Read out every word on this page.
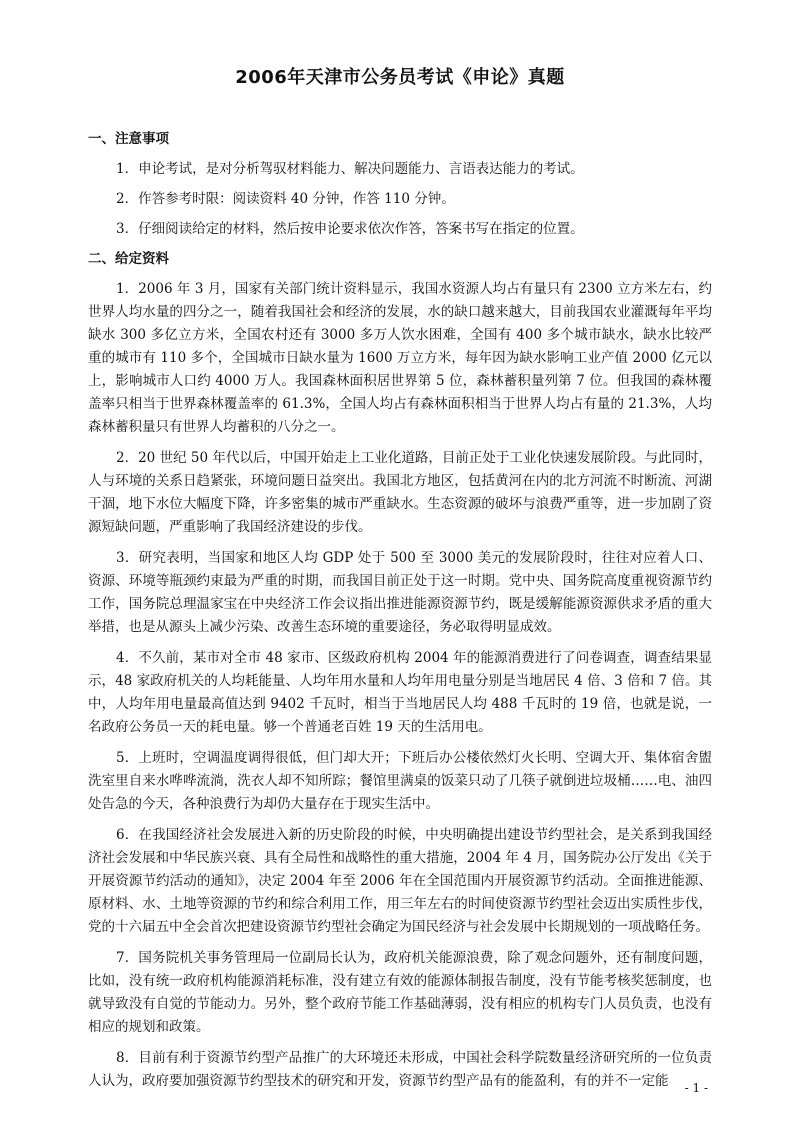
2006年天津市公务员考试《申论》真题
一、注意事项

1．申论考试，是对分析驾驭材料能力、解决问题能力、言语表达能力的考试。

2．作答参考时限：阅读资料 40 分钟，作答 110 分钟。

3．仔细阅读给定的材料，然后按申论要求依次作答，答案书写在指定的位置。

二、给定资料

1．2006 年 3 月，国家有关部门统计资料显示，我国水资源人均占有量只有 2300 立方米左右，约世界人均水量的四分之一，随着我国社会和经济的发展，水的缺口越来越大，目前我国农业灌溉每年平均缺水 300 多亿立方米，全国农村还有 3000 多万人饮水困难，全国有 400 多个城市缺水，缺水比较严重的城市有 110 多个，全国城市日缺水量为 1600 万立方米，每年因为缺水影响工业产值 2000 亿元以上，影响城市人口约 4000 万人。我国森林面积居世界第 5 位，森林蓄积量列第 7 位。但我国的森林覆盖率只相当于世界森林覆盖率的 61.3%，全国人均占有森林面积相当于世界人均占有量的 21.3%，人均森林蓄积量只有世界人均蓄积的八分之一。

2．20 世纪 50 年代以后，中国开始走上工业化道路，目前正处于工业化快速发展阶段。与此同时，人与环境的关系日趋紧张，环境问题日益突出。我国北方地区，包括黄河在内的北方河流不时断流、河湖干涸，地下水位大幅度下降，许多密集的城市严重缺水。生态资源的破坏与浪费严重等，进一步加剧了资源短缺问题，严重影响了我国经济建设的步伐。

3．研究表明，当国家和地区人均 GDP 处于 500 至 3000 美元的发展阶段时，往往对应着人口、资源、环境等瓶颈约束最为严重的时期，而我国目前正处于这一时期。党中央、国务院高度重视资源节约工作，国务院总理温家宝在中央经济工作会议指出推进能源资源节约，既是缓解能源资源供求矛盾的重大举措，也是从源头上减少污染、改善生态环境的重要途径，务必取得明显成效。

4．不久前，某市对全市 48 家市、区级政府机构 2004 年的能源消费进行了问卷调查，调查结果显示，48 家政府机关的人均耗能量、人均年用水量和人均年用电量分别是当地居民 4 倍、3 倍和 7 倍。其中，人均年用电量最高值达到 9402 千瓦时，相当于当地居民人均 488 千瓦时的 19 倍，也就是说，一名政府公务员一天的耗电量。够一个普通老百姓 19 天的生活用电。

5．上班时，空调温度调得很低，但门却大开；下班后办公楼依然灯火长明、空调大开、集体宿舍盥洗室里自来水哗哗流淌，洗衣人却不知所踪；餐馆里满桌的饭菜只动了几筷子就倒进垃圾桶……电、油四处告急的今天，各种浪费行为却仍大量存在于现实生活中。

6．在我国经济社会发展进入新的历史阶段的时候，中央明确提出建设节约型社会，是关系到我国经济社会发展和中华民族兴衰、具有全局性和战略性的重大措施，2004 年 4 月，国务院办公厅发出《关于开展资源节约活动的通知》，决定 2004 年至 2006 年在全国范围内开展资源节约活动。全面推进能源、原材料、水、土地等资源的节约和综合利用工作，用三年左右的时间使资源节约型社会迈出实质性步伐，党的十六届五中全会首次把建设资源节约型社会确定为国民经济与社会发展中长期规划的一项战略任务。

7．国务院机关事务管理局一位副局长认为，政府机关能源浪费，除了观念问题外，还有制度问题，比如，没有统一政府机构能源消耗标准，没有建立有效的能源体制报告制度，没有节能考核奖惩制度，也就导致没有自觉的节能动力。另外，整个政府节能工作基础薄弱，没有相应的机构专门人员负责，也没有相应的规划和政策。

8．目前有利于资源节约型产品推广的大环境还未形成，中国社会科学院数量经济研究所的一位负责人认为，政府要加强资源节约型技术的研究和开发，资源节约型产品有的能盈利，有的并不一定能	- 1 -
